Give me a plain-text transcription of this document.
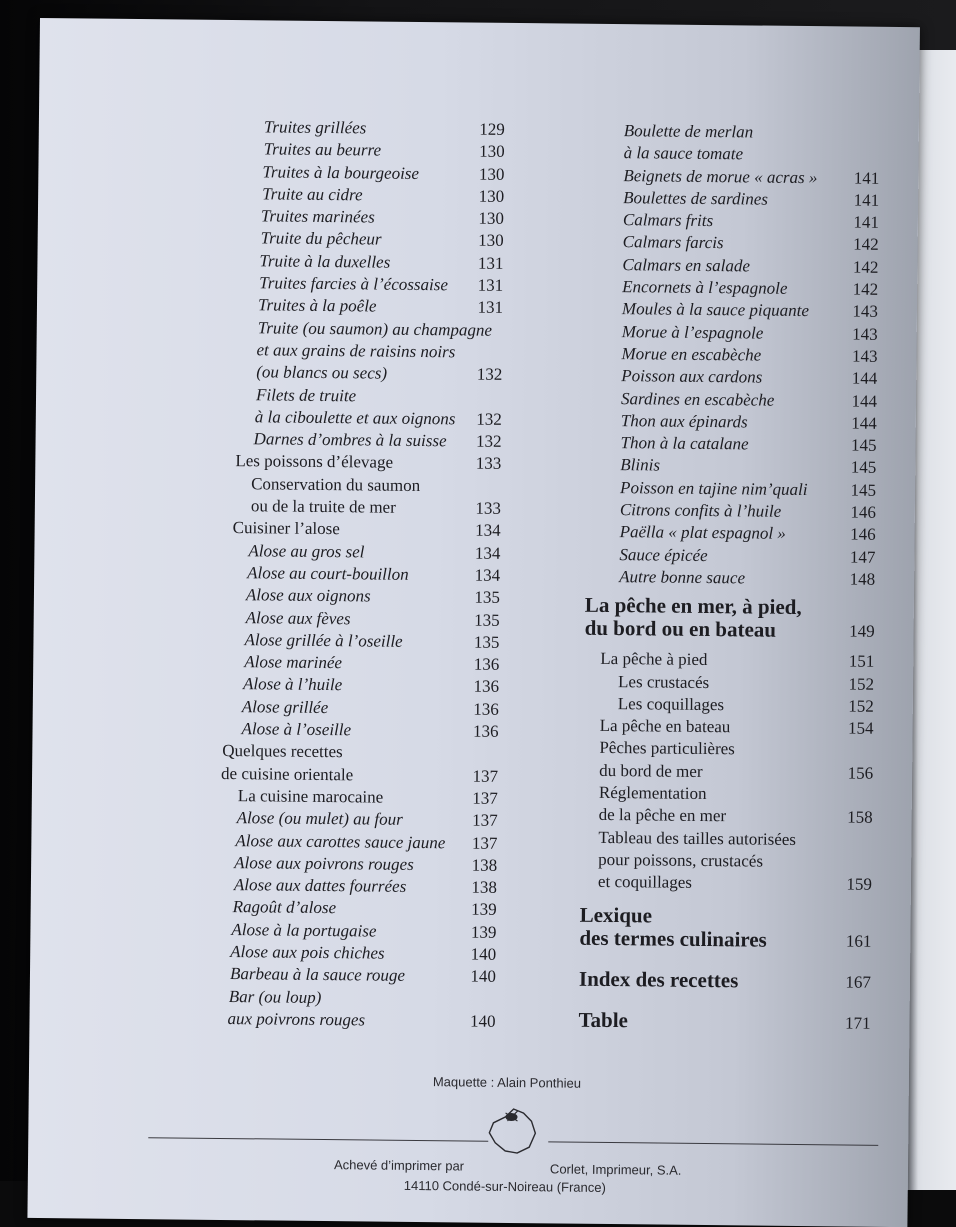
Truites grillées	129
Truites au beurre	130
Truites à la bourgeoise	130
Truite au cidre	130
Truites marinées	130
Truite du pêcheur	130
Truite à la duxelles	131
Truites farcies à l’écossaise 131
Truites à la poêle	131
Truite (ou saumon) au champagne
et aux grains de raisins noirs
(ou blancs ou secs)	132
Filets de truite
à la ciboulette et aux oignons 132
Darnes d’ombres à la suisse 132
Les poissons d’élevage	133
Conservation du saumon
ou de la truite de mer	133
Cuisiner l’alose	134
Alose au gros sel	134
Alose au court-bouillon	134
Alose aux oignons	135
Alose aux fèves	135
Alose grillée à l’oseille	135
Alose marinée	136
Alose à l’huile	136
Alose grillée	136
Alose à l’oseille	136
Quelques recettes
de cuisine orientale	137
La cuisine marocaine	137
Alose (ou mulet) au four	137
Alose aux carottes sauce jaune 137
Alose aux poivrons rouges	138
Alose aux dattes fourrées	138
Ragoût d’alose	139
Alose à la portugaise	139
Alose aux pois chiches	140
Barbeau à la sauce rouge	140
Bar (ou loup)
aux poivrons rouges	140
Boulette de merlan
à la sauce tomate
Beignets de morue « acras » 141
Boulettes de sardines	141
Calmars frits	141
Calmars farcis	142
Calmars en salade	142
Encornets à l’espagnole	142
Moules à la sauce piquante	143
Morue à l’espagnole	143
Morue en escabèche	143
Poisson aux cardons	144
Sardines en escabèche	144
Thon aux épinards	144
Thon à la catalane	145
Blinis	145
Poisson en tajine nim’quali	145
Citrons confits à l’huile	146
Paëlla « plat espagnol »	146
Sauce épicée	147
Autre bonne sauce	148
La pêche en mer, à pied,
du bord ou en bateau	149
La pêche à pied	151
Les crustacés	152
Les coquillages	152
La pêche en bateau	154
Pêches particulières
du bord de mer	156
Réglementation
de la pêche en mer	158
Tableau des tailles autorisées
pour poissons, crustacés
et coquillages	159
Lexique
des termes culinaires	161
Index des recettes	167
Table	171
Maquette : Alain Ponthieu
Achevé d’imprimer par	Corlet, Imprimeur, S.A.
14110 Condé-sur-Noireau (France)
